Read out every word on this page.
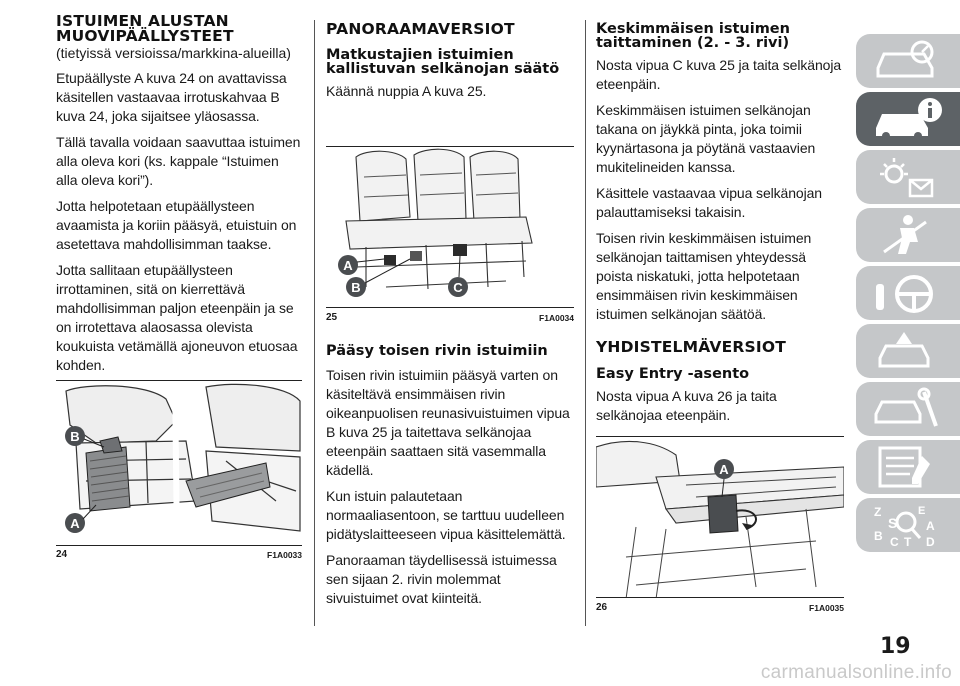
ISTUIMEN ALUSTAN MUOVIPÄÄLLYSTEET

(tietyissä versioissa/markkina-alueilla)

Etupäällyste A kuva 24 on avattavissa käsitellen vastaavaa irrotuskahvaa B kuva 24, joka sijaitsee yläosassa.

Tällä tavalla voidaan saavuttaa istuimen alla oleva kori (ks. kappale “Istuimen alla oleva kori”).

Jotta helpotetaan etupäällysteen avaamista ja koriin pääsyä, etuistuin on asetettava mahdollisimman taakse.

Jotta sallitaan etupäällysteen irrottaminen, sitä on kierrettävä mahdollisimman paljon eteenpäin ja se on irrotettava alaosassa olevista koukuista vetämällä ajoneuvon etuosaa kohden.

B
A
24	F1A0033
PANORAAMAVERSIOT
Matkustajien istuimien kallistuvan selkänojan säätö

Käännä nuppia A kuva 25.

A
B	C
25	F1A0034
Pääsy toisen rivin istuimiin

Toisen rivin istuimiin pääsyä varten on käsiteltävä ensimmäisen rivin oikeanpuolisen reunasivuistuimen vipua B kuva 25 ja taitettava selkänojaa eteenpäin saattaen sitä vasemmalla kädellä.

Kun istuin palautetaan normaaliasentoon, se tarttuu uudelleen pidätyslaitteeseen vipua käsittelemättä.

Panoraaman täydellisessä istuimessa sen sijaan 2. rivin molemmat sivuistuimet ovat kiinteitä.

Keskimmäisen istuimen taittaminen (2. - 3. rivi)

Nosta vipua C kuva 25 ja taita selkänoja eteenpäin.

Keskimmäisen istuimen selkänojan takana on jäykkä pinta, joka toimii kyynärtasona ja pöytänä vastaavien mukitelineiden kanssa.

Käsittele vastaavaa vipua selkänojan palauttamiseksi takaisin.

Toisen rivin keskimmäisen istuimen selkänojan taittamisen yhteydessä poista niskatuki, jotta helpotetaan ensimmäisen rivin keskimmäisen istuimen selkänojan säätöä.

YHDISTELMÄVERSIOT
Easy Entry -asento

Nosta vipua A kuva 26 ja taita selkänojaa eteenpäin.

A
26	F1A0035
Z	E
S A
B C T D
19
carmanualsonline.info
